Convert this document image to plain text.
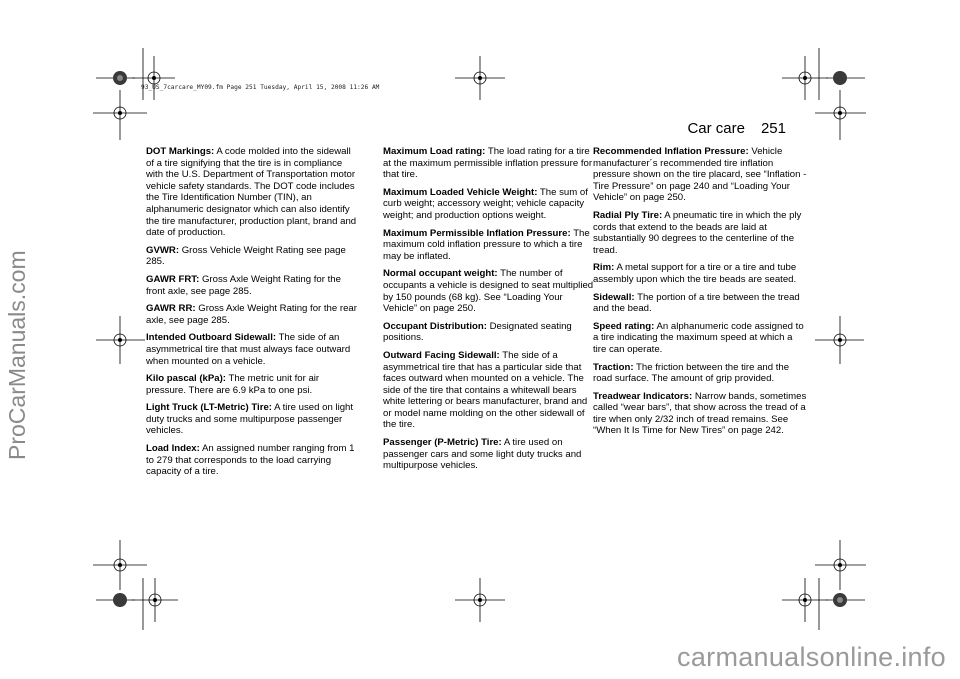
93_US_7carcare_MY09.fm Page 251 Tuesday, April 15, 2008 11:26 AM
Car care 251

DOT Markings: A code molded into the sidewall of a tire signifying that the tire is in compliance with the U.S. Department of Transportation motor vehicle safety standards. The DOT code includes the Tire Identification Number (TIN), an alphanumeric designator which can also identify the tire manufacturer, production plant, brand and date of production.

GVWR: Gross Vehicle Weight Rating see page 285.

GAWR FRT: Gross Axle Weight Rating for the front axle, see page 285.

GAWR RR: Gross Axle Weight Rating for the rear axle, see page 285.

Intended Outboard Sidewall: The side of an asymmetrical tire that must always face outward when mounted on a vehicle.

Kilo pascal (kPa): The metric unit for air pressure. There are 6.9 kPa to one psi.

Light Truck (LT-Metric) Tire: A tire used on light duty trucks and some multipurpose passenger vehicles.

Load Index: An assigned number ranging from 1 to 279 that corresponds to the load carrying capacity of a tire.

Maximum Load rating: The load rating for a tire at the maximum permissible inflation pressure for that tire.

Maximum Loaded Vehicle Weight: The sum of curb weight; accessory weight; vehicle capacity weight; and production options weight.

Maximum Permissible Inflation Pressure: The maximum cold inflation pressure to which a tire may be inflated.

Normal occupant weight: The number of occupants a vehicle is designed to seat multiplied by 150 pounds (68 kg). See “Loading Your Vehicle” on page 250.

Occupant Distribution: Designated seating positions.

Outward Facing Sidewall: The side of a asymmetrical tire that has a particular side that faces outward when mounted on a vehicle. The side of the tire that contains a whitewall bears white lettering or bears manufacturer, brand and or model name molding on the other sidewall of the tire.

Passenger (P-Metric) Tire: A tire used on passenger cars and some light duty trucks and multipurpose vehicles.

Recommended Inflation Pressure: Vehicle manufacturer´s recommended tire inflation pressure shown on the tire placard, see “Inflation - Tire Pressure” on page 240 and “Loading Your Vehicle” on page 250.

Radial Ply Tire: A pneumatic tire in which the ply cords that extend to the beads are laid at substantially 90 degrees to the centerline of the tread.

Rim: A metal support for a tire or a tire and tube assembly upon which the tire beads are seated.

Sidewall: The portion of a tire between the tread and the bead.

Speed rating: An alphanumeric code assigned to a tire indicating the maximum speed at which a tire can operate.

Traction: The friction between the tire and the road surface. The amount of grip provided.

Treadwear Indicators: Narrow bands, sometimes called “wear bars”, that show across the tread of a tire when only 2/32 inch of tread remains. See “When It Is Time for New Tires” on page 242.

ProCarManuals.com
carmanualsonline.info
